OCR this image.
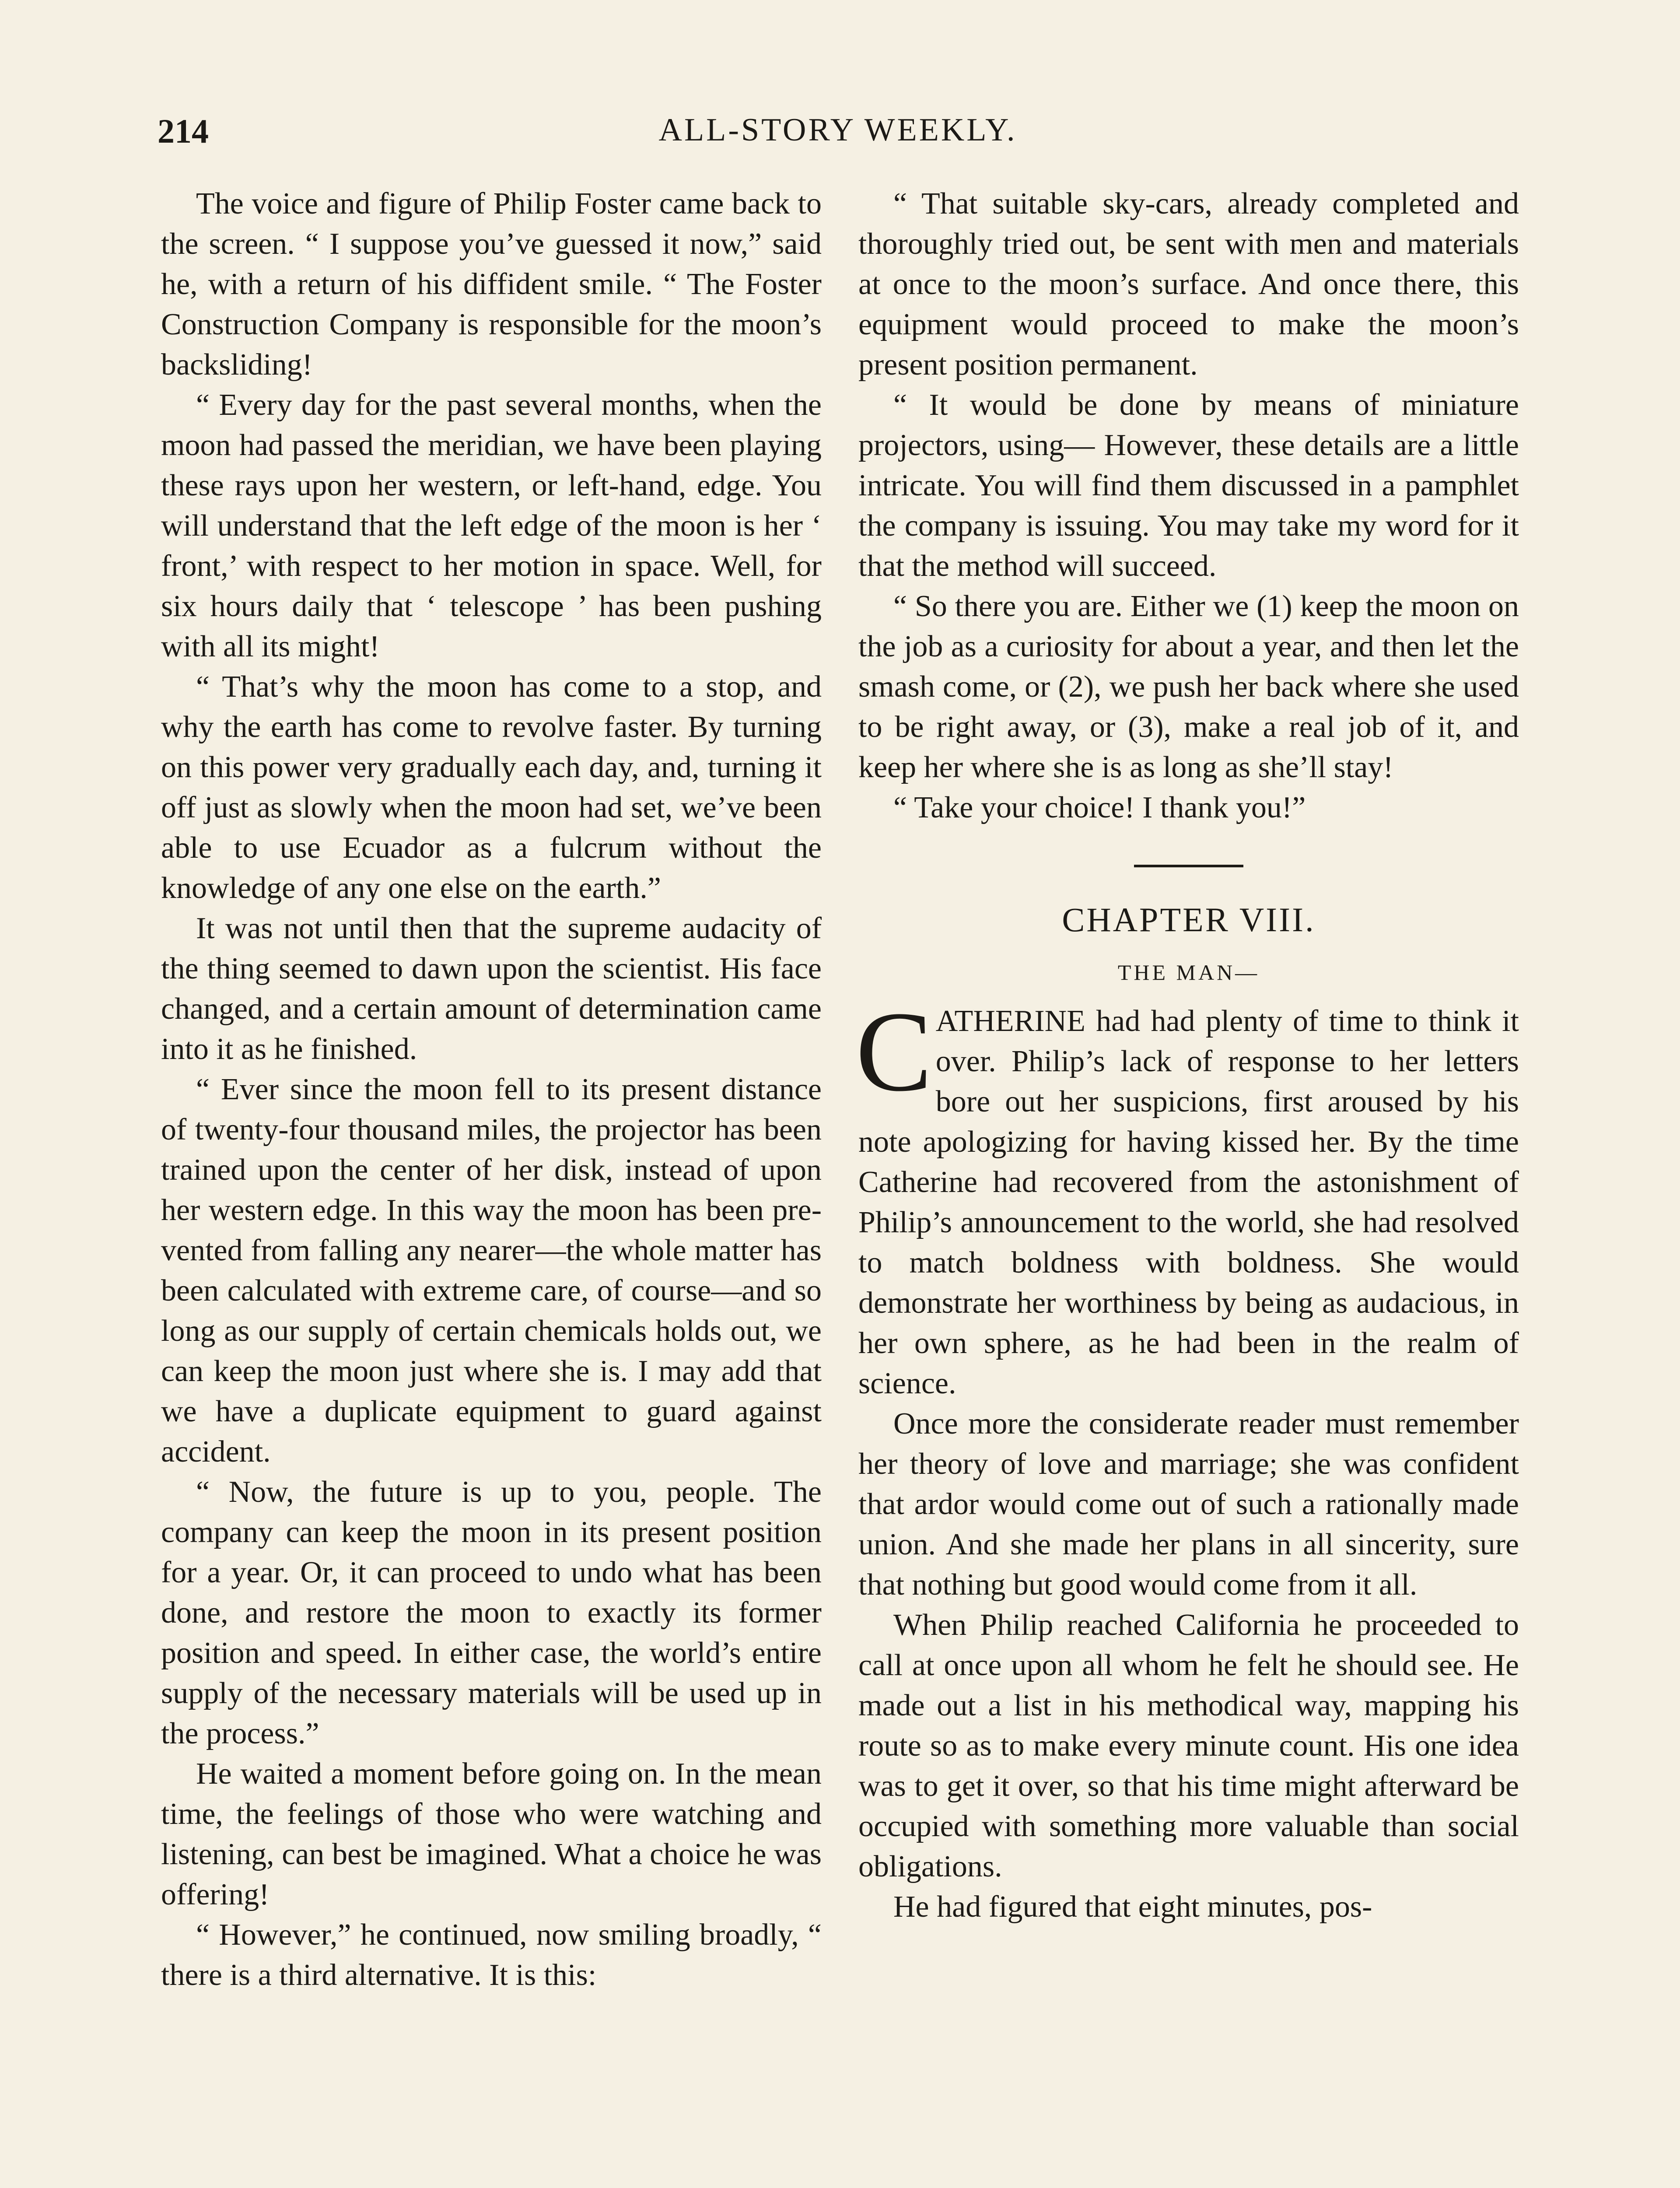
214	ALL-STORY WEEKLY.

The voice and figure of Philip Foster came back to the screen. “ I suppose you’ve guessed it now,” said he, with a return of his diffident smile. “ The Foster Construction Company is responsible for the moon’s backsliding!

“ Every day for the past several months, when the moon had passed the meridian, we have been playing these rays upon her western, or left-hand, edge. You will understand that the left edge of the moon is her ‘ front,’ with respect to her motion in space. Well, for six hours daily that ‘ telescope ’ has been pushing with all its might!

“ That’s why the moon has come to a stop, and why the earth has come to revolve faster. By turning on this power very gradually each day, and, turning it off just as slowly when the moon had set, we’ve been able to use Ecuador as a fulcrum without the knowledge of any one else on the earth.”

It was not until then that the supreme audacity of the thing seemed to dawn upon the scientist. His face changed, and a certain amount of determination came into it as he finished.

“ Ever since the moon fell to its present distance of twenty-four thousand miles, the projector has been trained upon the center of her disk, instead of upon her western edge. In this way the moon has been prevented from falling any nearer—the whole matter has been calculated with extreme care, of course—and so long as our supply of certain chemicals holds out, we can keep the moon just where she is. I may add that we have a duplicate equipment to guard against accident.

“ Now, the future is up to you, people. The company can keep the moon in its present position for a year. Or, it can proceed to undo what has been done, and restore the moon to exactly its former position and speed. In either case, the world’s entire supply of the necessary materials will be used up in the process.”

He waited a moment before going on. In the mean time, the feelings of those who were watching and listening, can best be imagined. What a choice he was offering!

“ However,” he continued, now smiling broadly, “ there is a third alternative. It is this:

“ That suitable sky-cars, already completed and thoroughly tried out, be sent with men and materials at once to the moon’s surface. And once there, this equipment would proceed to make the moon’s present position permanent.

“ It would be done by means of miniature projectors, using— However, these details are a little intricate. You will find them discussed in a pamphlet the company is issuing. You may take my word for it that the method will succeed.

“ So there you are. Either we (1) keep the moon on the job as a curiosity for about a year, and then let the smash come, or (2), we push her back where she used to be right away, or (3), make a real job of it, and keep her where she is as long as she’ll stay!

“ Take your choice! I thank you!”

CHAPTER VIII.
THE MAN—

CATHERINE had had plenty of time to think it over. Philip’s lack of response to her letters bore out her suspicions, first aroused by his note apologizing for having kissed her. By the time Catherine had recovered from the astonishment of Philip’s announcement to the world, she had resolved to match boldness with boldness. She would demonstrate her worthiness by being as audacious, in her own sphere, as he had been in the realm of science.

Once more the considerate reader must remember her theory of love and marriage; she was confident that ardor would come out of such a rationally made union. And she made her plans in all sincerity, sure that nothing but good would come from it all.

When Philip reached California he proceeded to call at once upon all whom he felt he should see. He made out a list in his methodical way, mapping his route so as to make every minute count. His one idea was to get it over, so that his time might afterward be occupied with something more valuable than social obligations.

He had figured that eight minutes, pos-
